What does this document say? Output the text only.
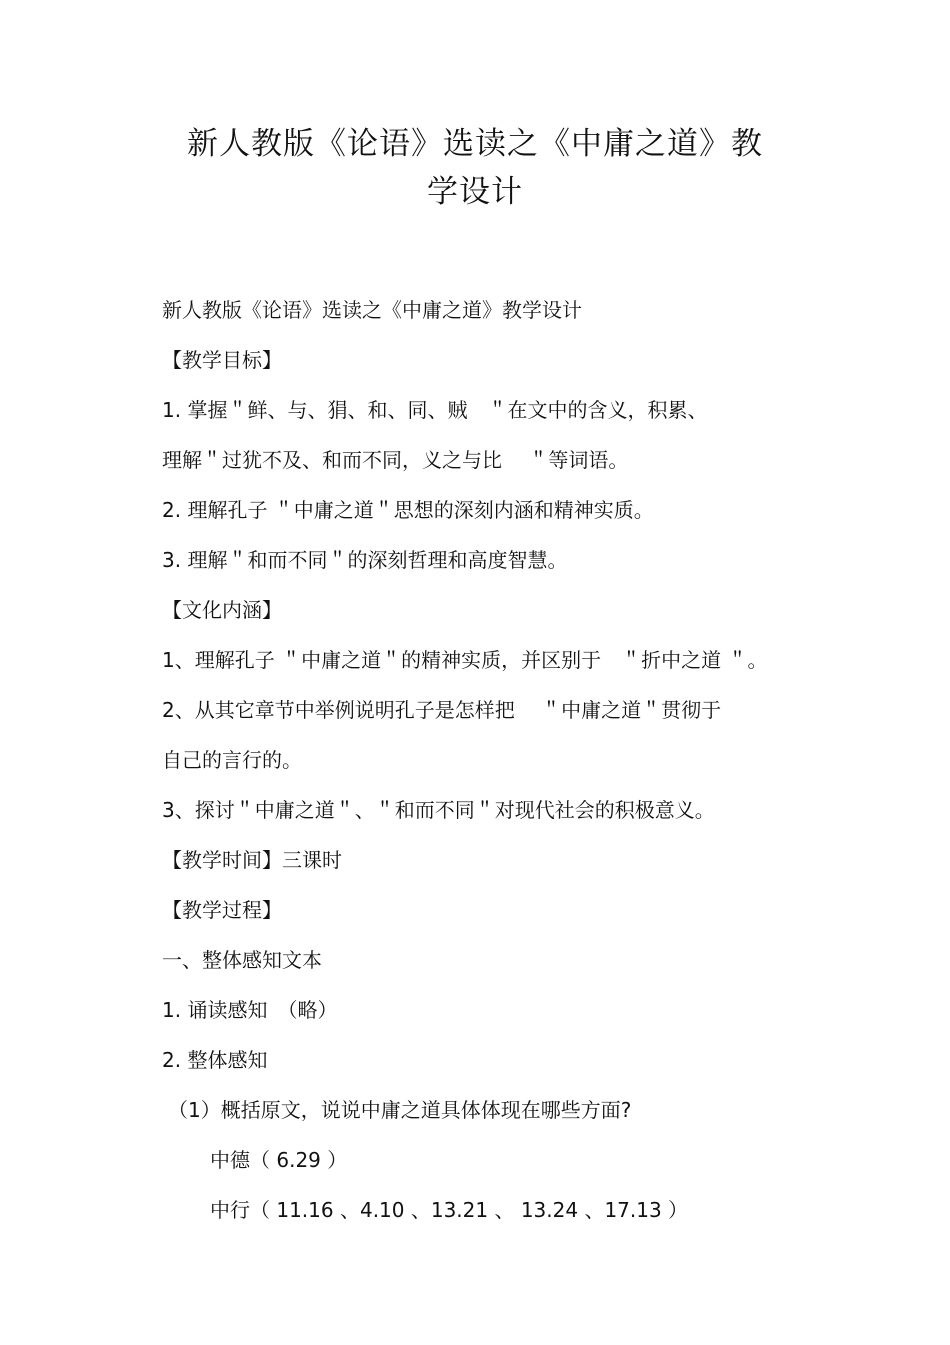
新人教版《论语》选读之《中庸之道》教
学设计
新人教版《论语》选读之《中庸之道》教学设计
【教学目标】
1. 掌握＂鲜、与、狷、和、同、贼　＂在文中的含义，积累、
理解＂过犹不及、和而不同，义之与比　 ＂等词语。
2. 理解孔子 ＂中庸之道＂思想的深刻内涵和精神实质。
3. 理解＂和而不同＂的深刻哲理和高度智慧。
【文化内涵】
1、理解孔子 ＂中庸之道＂的精神实质，并区别于　＂折中之道 ＂。
2、从其它章节中举例说明孔子是怎样把　 ＂中庸之道＂贯彻于
自己的言行的。
3、探讨＂中庸之道＂、＂和而不同＂对现代社会的积极意义。
【教学时间】三课时
【教学过程】
一、整体感知文本
1. 诵读感知　（略）
2. 整体感知
（1）概括原文，说说中庸之道具体体现在哪些方面?
中德（ 6.29 ）
中行（ 11.16 、4.10 、13.21 、 13.24 、17.13 ）
